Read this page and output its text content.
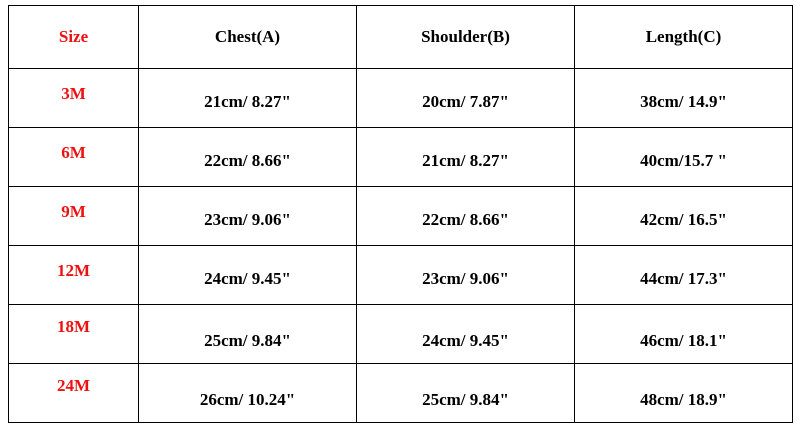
Size	Chest(A)	Shoulder(B)	Length(C)
3M	21cm/ 8.27"	20cm/ 7.87"	38cm/ 14.9"
6M	22cm/ 8.66"	21cm/ 8.27"	40cm/15.7 "
9M	23cm/ 9.06"	22cm/ 8.66"	42cm/ 16.5"
12M	24cm/ 9.45"	23cm/ 9.06"	44cm/ 17.3"
18M	25cm/ 9.84"	24cm/ 9.45"	46cm/ 18.1"
24M	26cm/ 10.24"	25cm/ 9.84"	48cm/ 18.9"
